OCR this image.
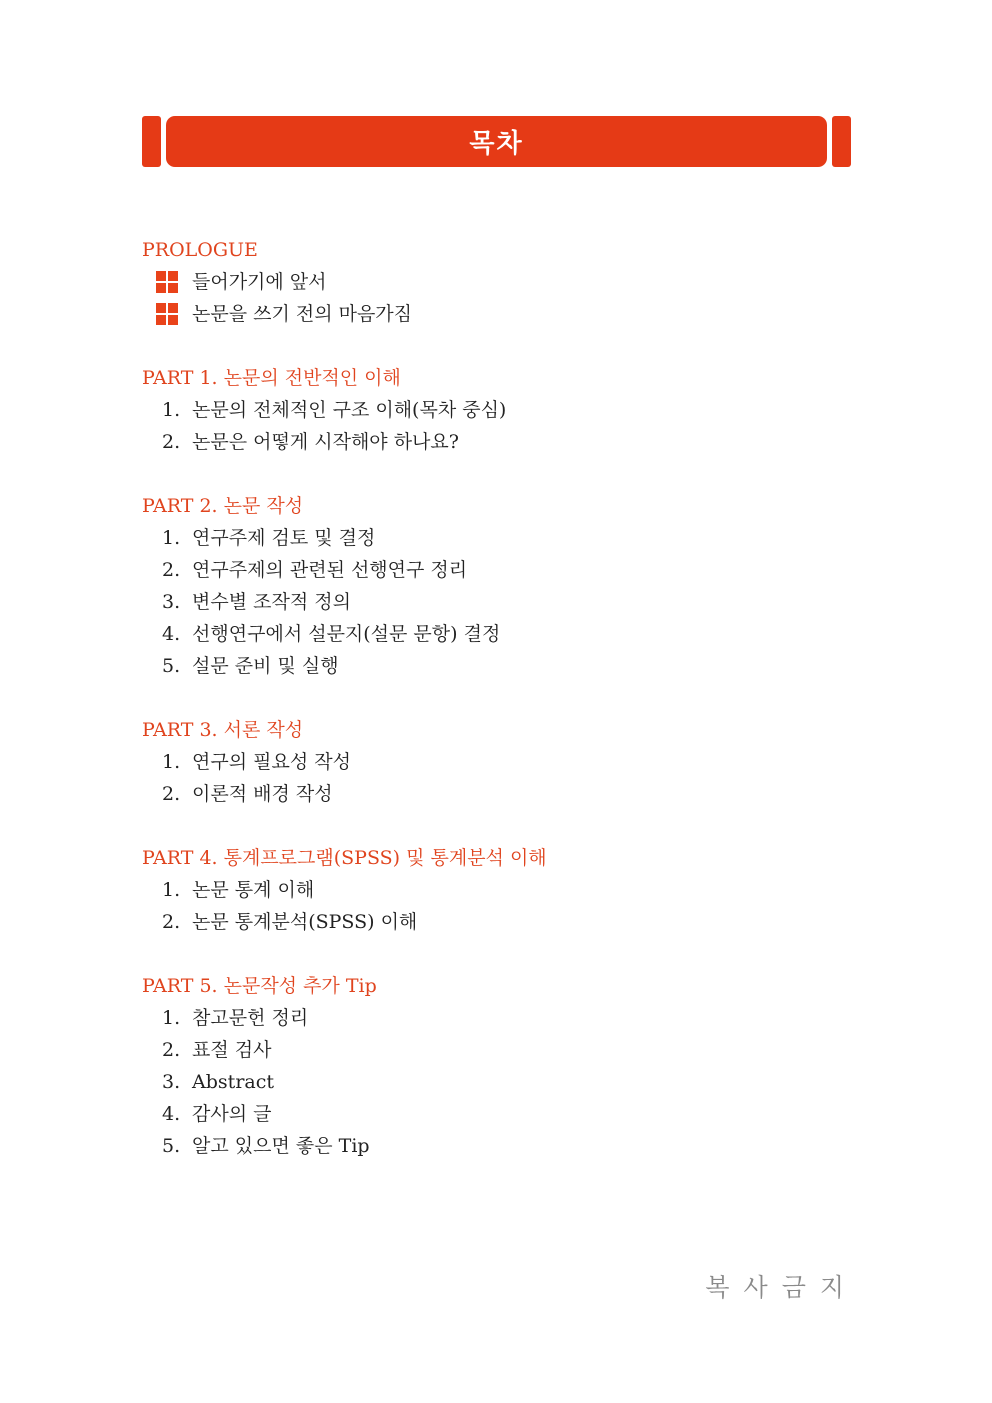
목차
PROLOGUE
들어가기에 앞서
논문을 쓰기 전의 마음가짐
PART 1. 논문의 전반적인 이해
1. 논문의 전체적인 구조 이해(목차 중심)
2. 논문은 어떻게 시작해야 하나요?
PART 2. 논문 작성
1. 연구주제 검토 및 결정
2. 연구주제의 관련된 선행연구 정리
3. 변수별 조작적 정의
4. 선행연구에서 설문지(설문 문항) 결정
5. 설문 준비 및 실행
PART 3. 서론 작성
1. 연구의 필요성 작성
2. 이론적 배경 작성
PART 4. 통계프로그램(SPSS) 및 통계분석 이해
1. 논문 통계 이해
2. 논문 통계분석(SPSS) 이해
PART 5. 논문작성 추가 Tip
1. 참고문헌 정리
2. 표절 검사
3. Abstract
4. 감사의 글
5. 알고 있으면 좋은 Tip
복사금지
